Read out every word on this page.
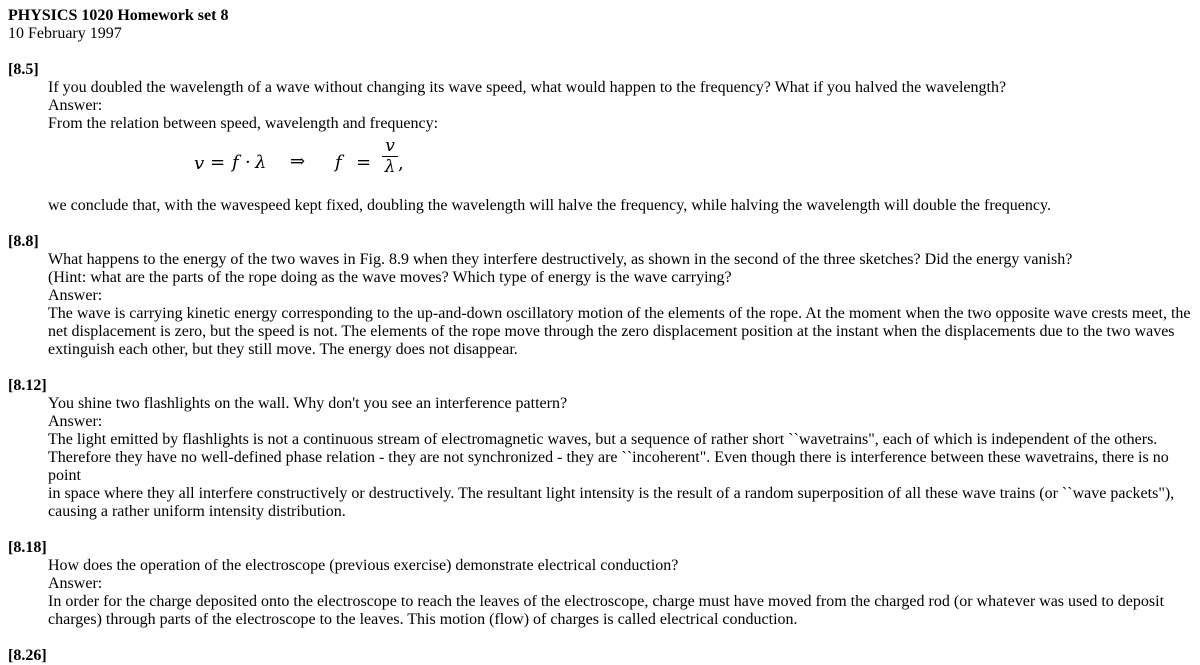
PHYSICS 1020 Homework set 8
10 February 1997
[8.5]
If you doubled the wavelength of a wave without changing its wave speed, what would happen to the frequency? What if you halved the wavelength?
Answer:
From the relation between speed, wavelength and frequency:
v = f · λ ⇒ f =
v
λ ,
we conclude that, with the wavespeed kept fixed, doubling the wavelength will halve the frequency, while halving the wavelength will double the frequency.
[8.8]
What happens to the energy of the two waves in Fig. 8.9 when they interfere destructively, as shown in the second of the three sketches? Did the energy vanish?
(Hint: what are the parts of the rope doing as the wave moves? Which type of energy is the wave carrying?
Answer:
The wave is carrying kinetic energy corresponding to the up-and-down oscillatory motion of the elements of the rope. At the moment when the two opposite wave crests meet, the
net displacement is zero, but the speed is not. The elements of the rope move through the zero displacement position at the instant when the displacements due to the two waves
extinguish each other, but they still move. The energy does not disappear.
[8.12]
You shine two flashlights on the wall. Why don't you see an interference pattern?
Answer:
The light emitted by flashlights is not a continuous stream of electromagnetic waves, but a sequence of rather short ``wavetrains", each of which is independent of the others.
Therefore they have no well-defined phase relation - they are not synchronized - they are ``incoherent". Even though there is interference between these wavetrains, there is no point
in space where they all interfere constructively or destructively. The resultant light intensity is the result of a random superposition of all these wave trains (or ``wave packets"),
causing a rather uniform intensity distribution.
[8.18]
How does the operation of the electroscope (previous exercise) demonstrate electrical conduction?
Answer:
In order for the charge deposited onto the electroscope to reach the leaves of the electroscope, charge must have moved from the charged rod (or whatever was used to deposit
charges) through parts of the electroscope to the leaves. This motion (flow) of charges is called electrical conduction.
[8.26]
